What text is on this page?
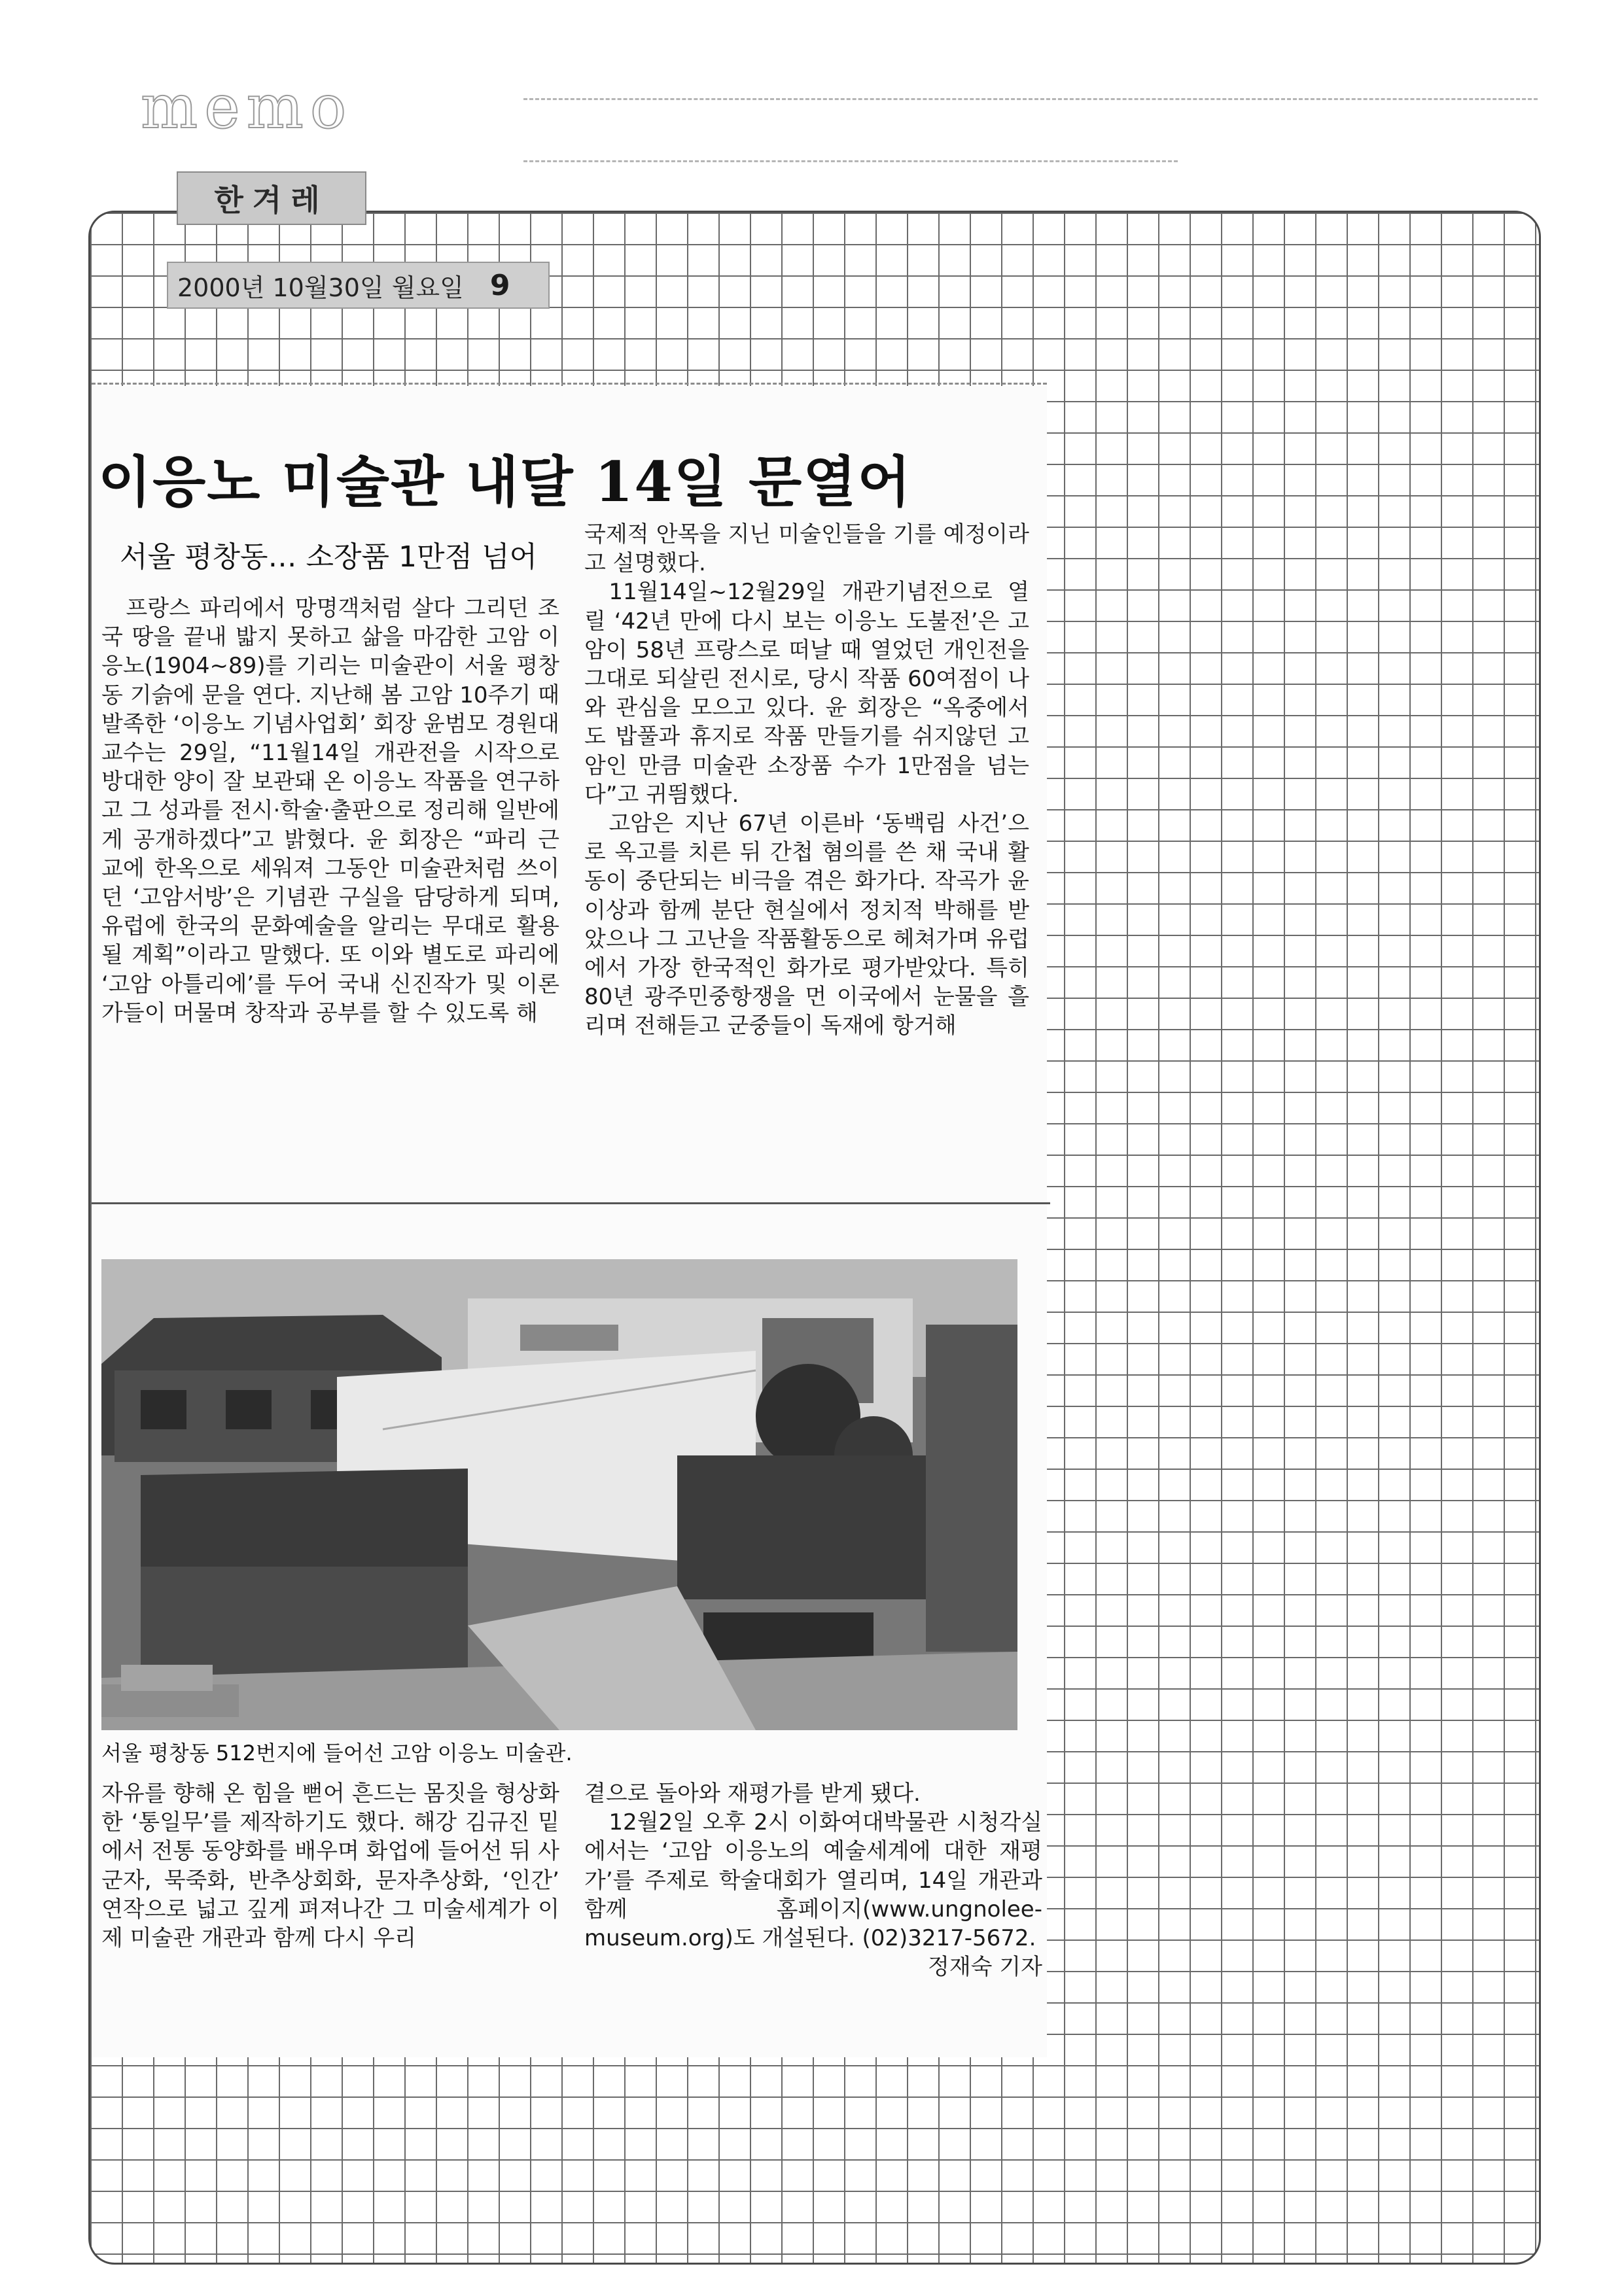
memo
한겨레
2000년 10월30일 월요일 9
이응노 미술관 내달 14일 문열어
서울 평창동… 소장품 1만점 넘어

프랑스 파리에서 망명객처럼 살다 그리던 조국 땅을 끝내 밟지 못하고 삶을 마감한 고암 이응노(1904~89)를 기리는 미술관이 서울 평창동 기슭에 문을 연다. 지난해 봄 고암 10주기 때 발족한 ‘이응노 기념사업회’ 회장 윤범모 경원대 교수는 29일, “11월14일 개관전을 시작으로 방대한 양이 잘 보관돼 온 이응노 작품을 연구하고 그 성과를 전시·학술·출판으로 정리해 일반에게 공개하겠다”고 밝혔다. 윤 회장은 “파리 근교에 한옥으로 세워져 그동안 미술관처럼 쓰이던 ‘고암서방’은 기념관 구실을 담당하게 되며, 유럽에 한국의 문화예술을 알리는 무대로 활용될 계획”이라고 말했다. 또 이와 별도로 파리에 ‘고암 아틀리에’를 두어 국내 신진작가 및 이론가들이 머물며 창작과 공부를 할 수 있도록 해

국제적 안목을 지닌 미술인들을 기를 예정이라고 설명했다.

11월14일~12월29일 개관기념전으로 열릴 ‘42년 만에 다시 보는 이응노 도불전’은 고암이 58년 프랑스로 떠날 때 열었던 개인전을 그대로 되살린 전시로, 당시 작품 60여점이 나와 관심을 모으고 있다. 윤 회장은 “옥중에서도 밥풀과 휴지로 작품 만들기를 쉬지않던 고암인 만큼 미술관 소장품 수가 1만점을 넘는다”고 귀띔했다.

고암은 지난 67년 이른바 ‘동백림 사건’으로 옥고를 치른 뒤 간첩 혐의를 쓴 채 국내 활동이 중단되는 비극을 겪은 화가다. 작곡가 윤이상과 함께 분단 현실에서 정치적 박해를 받았으나 그 고난을 작품활동으로 헤쳐가며 유럽에서 가장 한국적인 화가로 평가받았다. 특히 80년 광주민중항쟁을 먼 이국에서 눈물을 흘리며 전해듣고 군중들이 독재에 항거해

서울 평창동 512번지에 들어선 고암 이응노 미술관.

자유를 향해 온 힘을 뻗어 흔드는 몸짓을 형상화한 ‘통일무’를 제작하기도 했다. 해강 김규진 밑에서 전통 동양화를 배우며 화업에 들어선 뒤 사군자, 묵죽화, 반추상회화, 문자추상화, ‘인간’ 연작으로 넓고 깊게 펴져나간 그 미술세계가 이제 미술관 개관과 함께 다시 우리

곁으로 돌아와 재평가를 받게 됐다.

12월2일 오후 2시 이화여대박물관 시청각실에서는 ‘고암 이응노의 예술세계에 대한 재평가’를 주제로 학술대회가 열리며, 14일 개관과 함께 홈페이지(www.ungnolee-museum.org)도 개설된다. (02)3217-5672.

정재숙 기자
